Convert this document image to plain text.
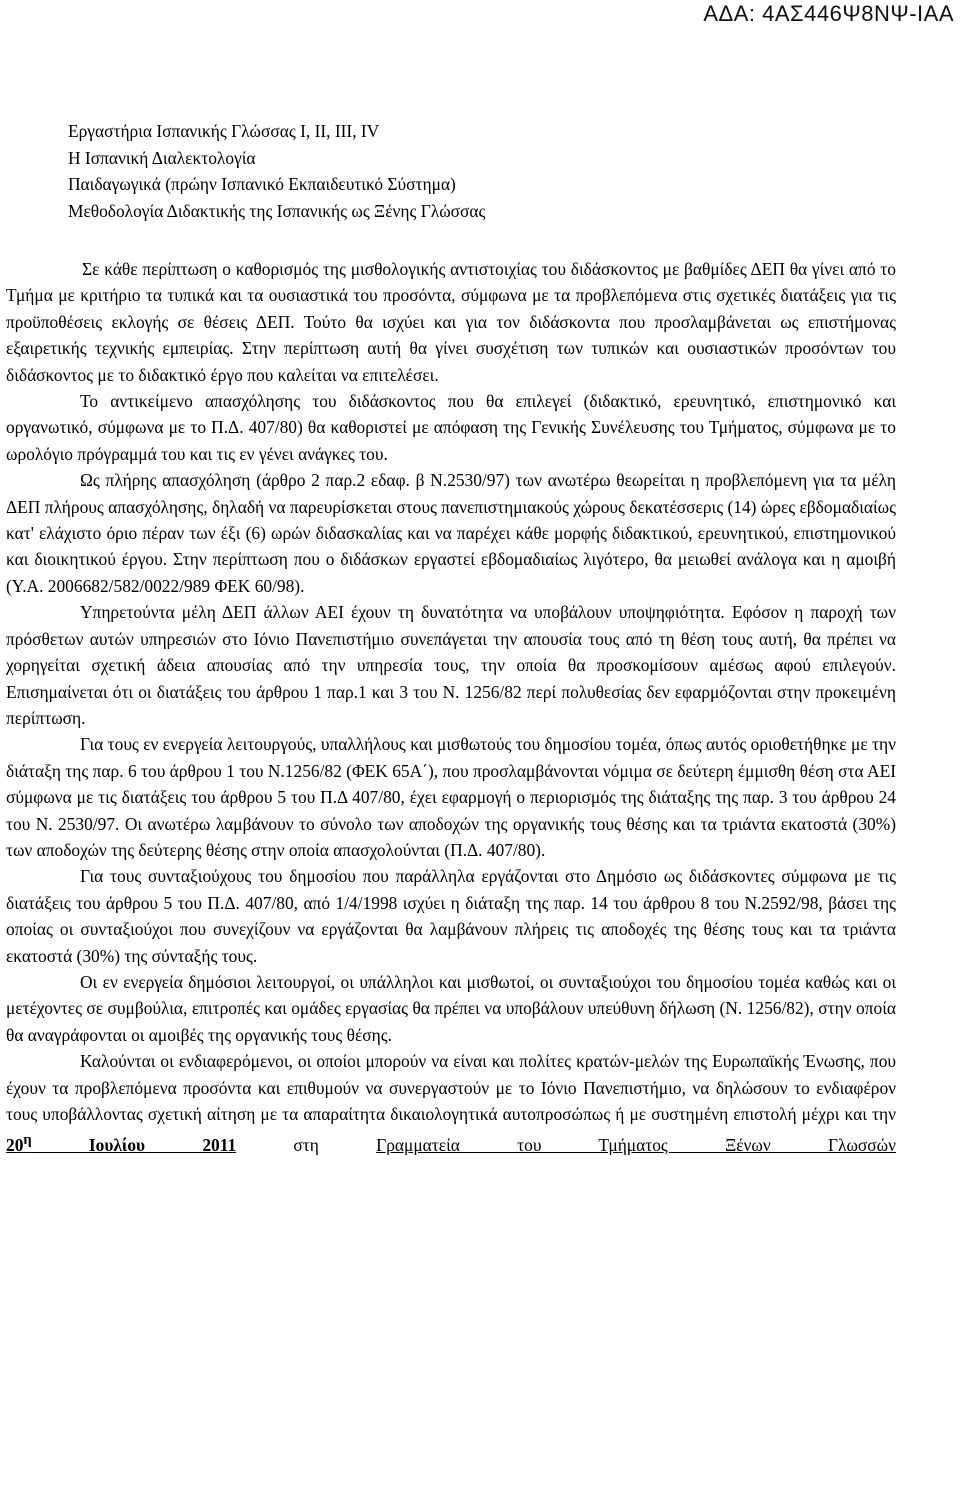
ΑΔΑ: 4ΑΣ446Ψ8ΝΨ-ΙΑΑ
Εργαστήρια Ισπανικής Γλώσσας Ι, ΙΙ, ΙΙΙ, IV
Η Ισπανική Διαλεκτολογία
Παιδαγωγικά (πρώην Ισπανικό Εκπαιδευτικό Σύστημα)
Μεθοδολογία Διδακτικής της Ισπανικής ως Ξένης Γλώσσας

Σε κάθε περίπτωση ο καθορισμός της μισθολογικής αντιστοιχίας του διδάσκοντος με βαθμίδες ΔΕΠ θα γίνει από το Τμήμα με κριτήριο τα τυπικά και τα ουσιαστικά του προσόντα, σύμφωνα με τα προβλεπόμενα στις σχετικές διατάξεις για τις προϋποθέσεις εκλογής σε θέσεις ΔΕΠ. Τούτο θα ισχύει και για τον διδάσκοντα που προσλαμβάνεται ως επιστήμονας εξαιρετικής τεχνικής εμπειρίας. Στην περίπτωση αυτή θα γίνει συσχέτιση των τυπικών και ουσιαστικών προσόντων του διδάσκοντος με το διδακτικό έργο που καλείται να επιτελέσει.

Το αντικείμενο απασχόλησης του διδάσκοντος που θα επιλεγεί (διδακτικό, ερευνητικό, επιστημονικό και οργανωτικό, σύμφωνα με το Π.Δ. 407/80) θα καθοριστεί με απόφαση της Γενικής Συνέλευσης του Τμήματος, σύμφωνα με το ωρολόγιο πρόγραμμά του και τις εν γένει ανάγκες του.

Ως πλήρης απασχόληση (άρθρο 2 παρ.2 εδαφ. β Ν.2530/97) των ανωτέρω θεωρείται η προβλεπόμενη για τα μέλη ΔΕΠ πλήρους απασχόλησης, δηλαδή να παρευρίσκεται στους πανεπιστημιακούς χώρους δεκατέσσερις (14) ώρες εβδομαδιαίως κατ' ελάχιστο όριο πέραν των έξι (6) ωρών διδασκαλίας και να παρέχει κάθε μορφής διδακτικού, ερευνητικού, επιστημονικού και διοικητικού έργου. Στην περίπτωση που ο διδάσκων εργαστεί εβδομαδιαίως λιγότερο, θα μειωθεί ανάλογα και η αμοιβή (Υ.Α. 2006682/582/0022/989 ΦΕΚ 60/98).

Υπηρετούντα μέλη ΔΕΠ άλλων ΑΕΙ έχουν τη δυνατότητα να υποβάλουν υποψηφιότητα. Εφόσον η παροχή των πρόσθετων αυτών υπηρεσιών στο Ιόνιο Πανεπιστήμιο συνεπάγεται την απουσία τους από τη θέση τους αυτή, θα πρέπει να χορηγείται σχετική άδεια απουσίας από την υπηρεσία τους, την οποία θα προσκομίσουν αμέσως αφού επιλεγούν. Επισημαίνεται ότι οι διατάξεις του άρθρου 1 παρ.1 και 3 του Ν. 1256/82 περί πολυθεσίας δεν εφαρμόζονται στην προκειμένη περίπτωση.

Για τους εν ενεργεία λειτουργούς, υπαλλήλους και μισθωτούς του δημοσίου τομέα, όπως αυτός οριοθετήθηκε με την διάταξη της παρ. 6 του άρθρου 1 του Ν.1256/82 (ΦΕΚ 65Α΄), που προσλαμβάνονται νόμιμα σε δεύτερη έμμισθη θέση στα ΑΕΙ σύμφωνα με τις διατάξεις του άρθρου 5 του Π.Δ 407/80, έχει εφαρμογή ο περιορισμός της διάταξης της παρ. 3 του άρθρου 24 του Ν. 2530/97. Οι ανωτέρω λαμβάνουν το σύνολο των αποδοχών της οργανικής τους θέσης και τα τριάντα εκατοστά (30%) των αποδοχών της δεύτερης θέσης στην οποία απασχολούνται (Π.Δ. 407/80).

Για τους συνταξιούχους του δημοσίου που παράλληλα εργάζονται στο Δημόσιο ως διδάσκοντες σύμφωνα με τις διατάξεις του άρθρου 5 του Π.Δ. 407/80, από 1/4/1998 ισχύει η διάταξη της παρ. 14 του άρθρου 8 του Ν.2592/98, βάσει της οποίας οι συνταξιούχοι που συνεχίζουν να εργάζονται θα λαμβάνουν πλήρεις τις αποδοχές της θέσης τους και τα τριάντα εκατοστά (30%) της σύνταξής τους.

Οι εν ενεργεία δημόσιοι λειτουργοί, οι υπάλληλοι και μισθωτοί, οι συνταξιούχοι του δημοσίου τομέα καθώς και οι μετέχοντες σε συμβούλια, επιτροπές και ομάδες εργασίας θα πρέπει να υποβάλουν υπεύθυνη δήλωση (Ν. 1256/82), στην οποία θα αναγράφονται οι αμοιβές της οργανικής τους θέσης.

Καλούνται οι ενδιαφερόμενοι, οι οποίοι μπορούν να είναι και πολίτες κρατών-μελών της Ευρωπαϊκής Ένωσης, που έχουν τα προβλεπόμενα προσόντα και επιθυμούν να συνεργαστούν με το Ιόνιο Πανεπιστήμιο, να δηλώσουν το ενδιαφέρον τους υποβάλλοντας σχετική αίτηση με τα απαραίτητα δικαιολογητικά αυτοπροσώπως ή με συστημένη επιστολή μέχρι και την $20^\eta$ Ιουλίου 2011 στη Γραμματεία του Τμήματος Ξένων Γλωσσών
